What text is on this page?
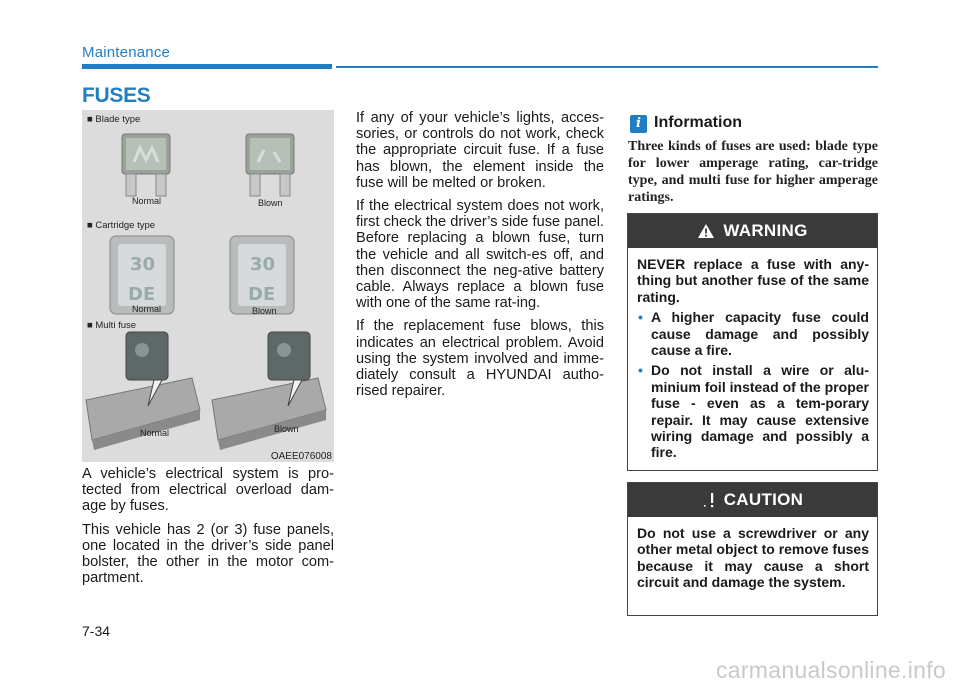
Maintenance
FUSES
30
DE
30
DE
■ Blade type
Normal	Blown
■ Cartridge type
Normal	Blown
■ Multi fuse
Normal	Blown
OAEE076008

A vehicle’s electrical system is pro-tected from electrical overload dam-age by fuses.

This vehicle has 2 (or 3) fuse panels, one located in the driver’s side panel bolster, the other in the motor com-partment.

If any of your vehicle’s lights, acces-sories, or controls do not work, check the appropriate circuit fuse. If a fuse has blown, the element inside the fuse will be melted or broken.

If the electrical system does not work, first check the driver’s side fuse panel. Before replacing a blown fuse, turn the vehicle and all switch-es off, and then disconnect the neg-ative battery cable. Always replace a blown fuse with one of the same rat-ing.

If the replacement fuse blows, this indicates an electrical problem. Avoid using the system involved and imme-diately consult a HYUNDAI autho-rised repairer.

i Information

Three kinds of fuses are used: blade type for lower amperage rating, car-tridge type, and multi fuse for higher amperage ratings.

WARNING

NEVER replace a fuse with any-thing but another fuse of the same rating.

• A higher capacity fuse could cause damage and possibly cause a fire.
• Do not install a wire or alu-minium foil instead of the proper fuse - even as a tem-porary repair. It may cause extensive wiring damage and possibly a fire.
CAUTION

Do not use a screwdriver or any other metal object to remove fuses because it may cause a short circuit and damage the system.

7-34
carmanualsonline.info
